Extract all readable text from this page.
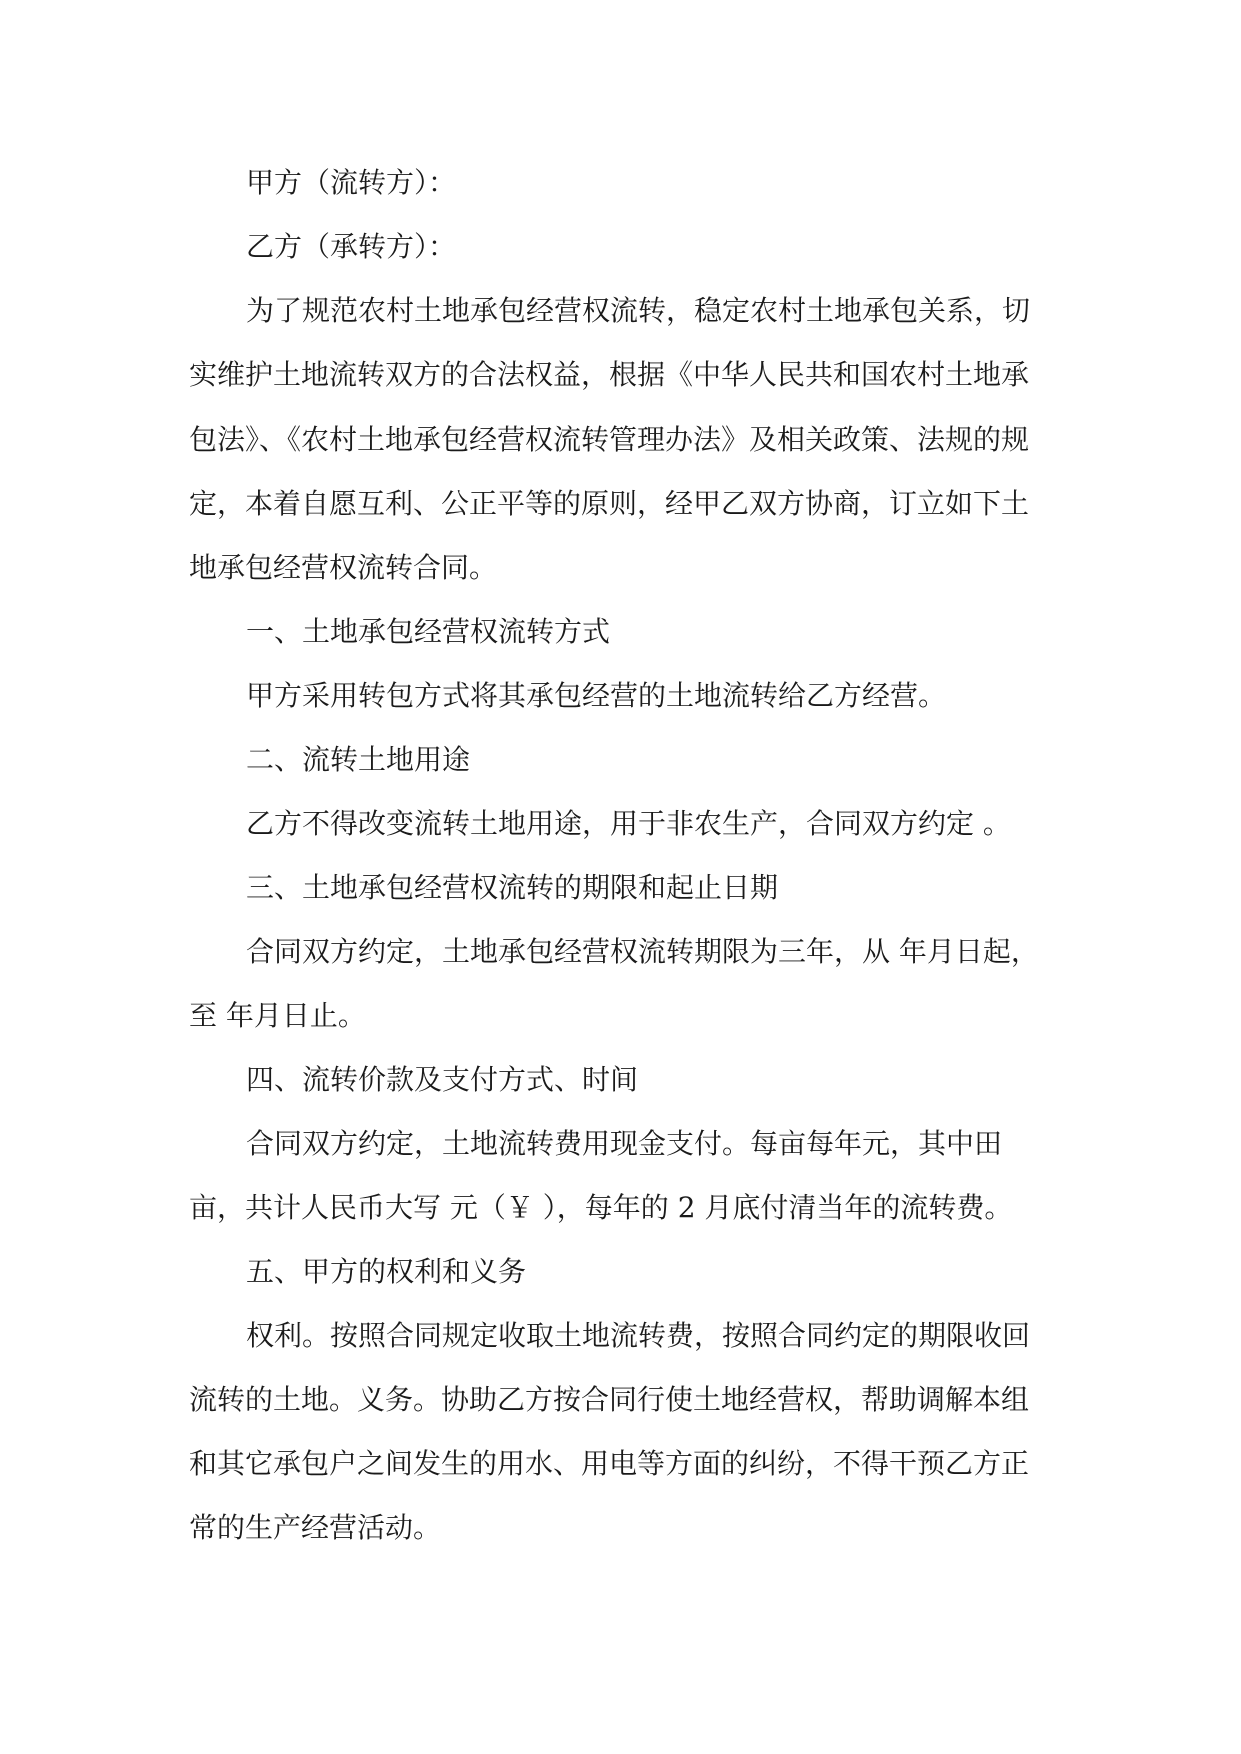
甲方（流转方）：

乙方（承转方）：

为了规范农村土地承包经营权流转，稳定农村土地承包关系，切

实维护土地流转双方的合法权益，根据《中华人民共和国农村土地承

包法》、《农村土地承包经营权流转管理办法》及相关政策、法规的规

定，本着自愿互利、公正平等的原则，经甲乙双方协商，订立如下土

地承包经营权流转合同。

一、土地承包经营权流转方式

甲方采用转包方式将其承包经营的土地流转给乙方经营。

二、流转土地用途

乙方不得改变流转土地用途，用于非农生产，合同双方约定 。

三、土地承包经营权流转的期限和起止日期

合同双方约定，土地承包经营权流转期限为三年，从 年月日起，

至 年月日止。

四、流转价款及支付方式、时间

合同双方约定，土地流转费用现金支付。每亩每年元，其中田

亩，共计人民币大写 元（￥ ），每年的 2 月底付清当年的流转费。

五、甲方的权利和义务

权利。按照合同规定收取土地流转费，按照合同约定的期限收回

流转的土地。义务。协助乙方按合同行使土地经营权，帮助调解本组

和其它承包户之间发生的用水、用电等方面的纠纷，不得干预乙方正

常的生产经营活动。
